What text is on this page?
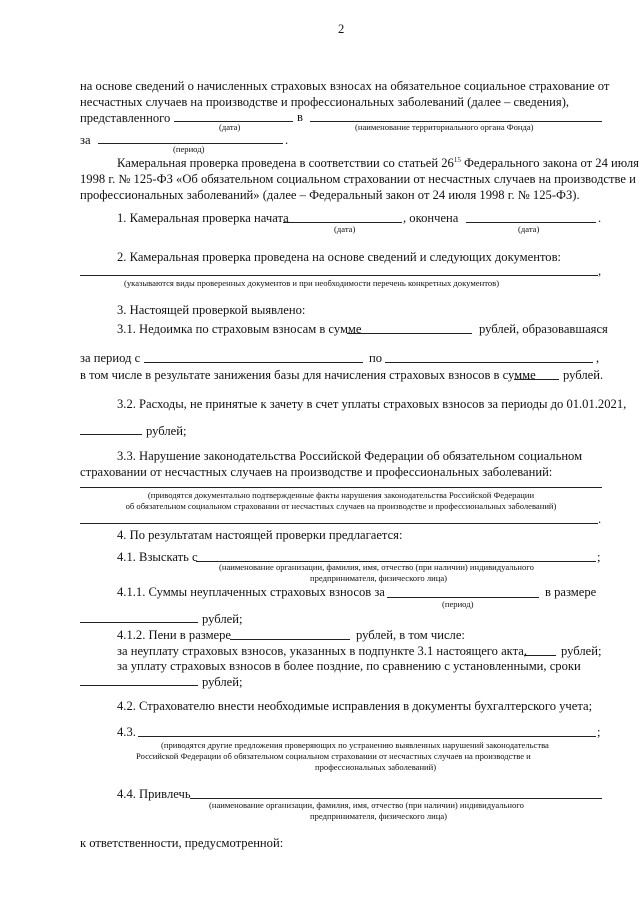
2
на основе сведений о начисленных страховых взносах на обязательное социальное страхование от
несчастных случаев на производстве и профессиональных заболеваний (далее – сведения),
представленного	в
(дата)	(наименование территориального органа Фонда)
за	.
(период)
Камеральная проверка проведена в соответствии со статьей $26^{15}$ Федерального закона от 24 июля
1998 г. № 125-ФЗ «Об обязательном социальном страховании от несчастных случаев на производстве и
профессиональных заболеваний» (далее – Федеральный закон от 24 июля 1998 г. № 125-ФЗ).
1. Камеральная проверка начата	, окончена	.
(дата)	(дата)
2. Камеральная проверка проведена на основе сведений и следующих документов:
,
(указываются виды проверенных документов и при необходимости перечень конкретных документов)
3. Настоящей проверкой выявлено:
3.1. Недоимка по страховым взносам в сумме	рублей, образовавшаяся
за период с	по	,
в том числе в результате занижения базы для начисления страховых взносов в сумме рублей.
3.2. Расходы, не принятые к зачету в счет уплаты страховых взносов за периоды до 01.01.2021,
рублей;
3.3. Нарушение законодательства Российской Федерации об обязательном социальном
страховании от несчастных случаев на производстве и профессиональных заболеваний:
(приводятся документально подтвержденные факты нарушения законодательства Российской Федерации
об обязательном социальном страховании от несчастных случаев на производстве и профессиональных заболеваний)
.
4. По результатам настоящей проверки предлагается:
4.1. Взыскать с	;
(наименование организации, фамилия, имя, отчество (при наличии) индивидуального
предпринимателя, физического лица)
4.1.1. Суммы неуплаченных страховых взносов за	в размере
(период)
рублей;
4.1.2. Пени в размере	рублей, в том числе:
за неуплату страховых взносов, указанных в подпункте 3.1 настоящего акта,	рублей;
за уплату страховых взносов в более поздние, по сравнению с установленными, сроки
рублей;
4.2. Страхователю внести необходимые исправления в документы бухгалтерского учета;
4.3.	;
(приводятся другие предложения проверяющих по устранению выявленных нарушений законодательства
Российской Федерации об обязательном социальном страховании от несчастных случаев на производстве и
профессиональных заболеваний)
4.4. Привлечь
(наименование организации, фамилия, имя, отчество (при наличии) индивидуального
предпринимателя, физического лица)
к ответственности, предусмотренной:
